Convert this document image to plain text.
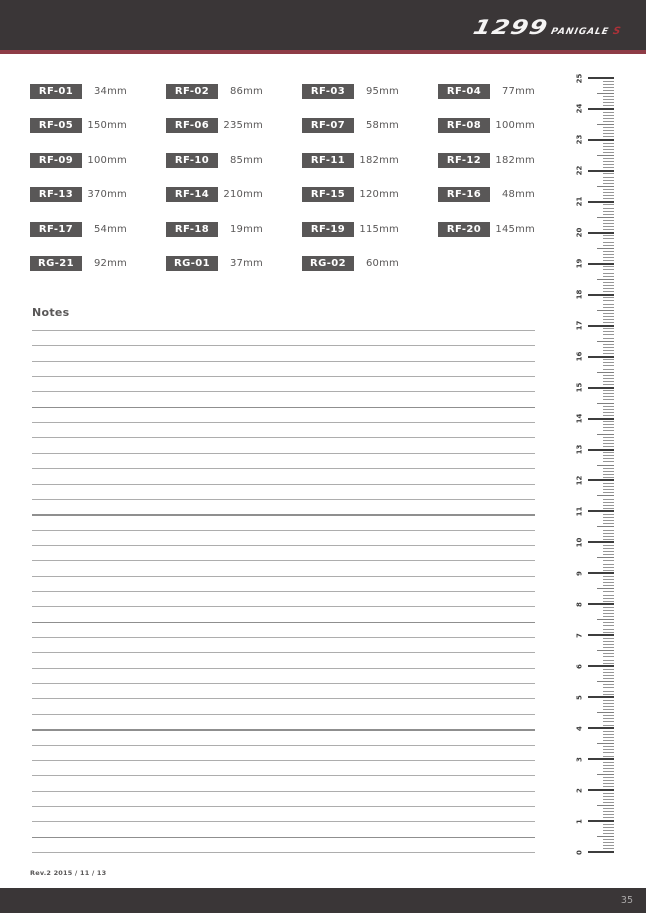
1299
PANIGALE S
RF-01	34mm	RF-02	86mm	RF-03	95mm	RF-04	77mm
RF-05	150mm	RF-06	235mm	RF-07	58mm	RF-08	100mm
RF-09	100mm	RF-10	85mm	RF-11	182mm	RF-12	182mm
RF-13	370mm	RF-14	210mm	RF-15	120mm	RF-16	48mm
RF-17	54mm	RF-18	19mm	RF-19	115mm	RF-20	145mm
RG-21	92mm	RG-01	37mm	RG-02	60mm
Notes
0
1
2
3
4
5
6
7
8
9
10
11
12
13
14
15
16
17
18
19
20
21
22
23
24
25
Rev.2 2015 / 11 / 13
35
